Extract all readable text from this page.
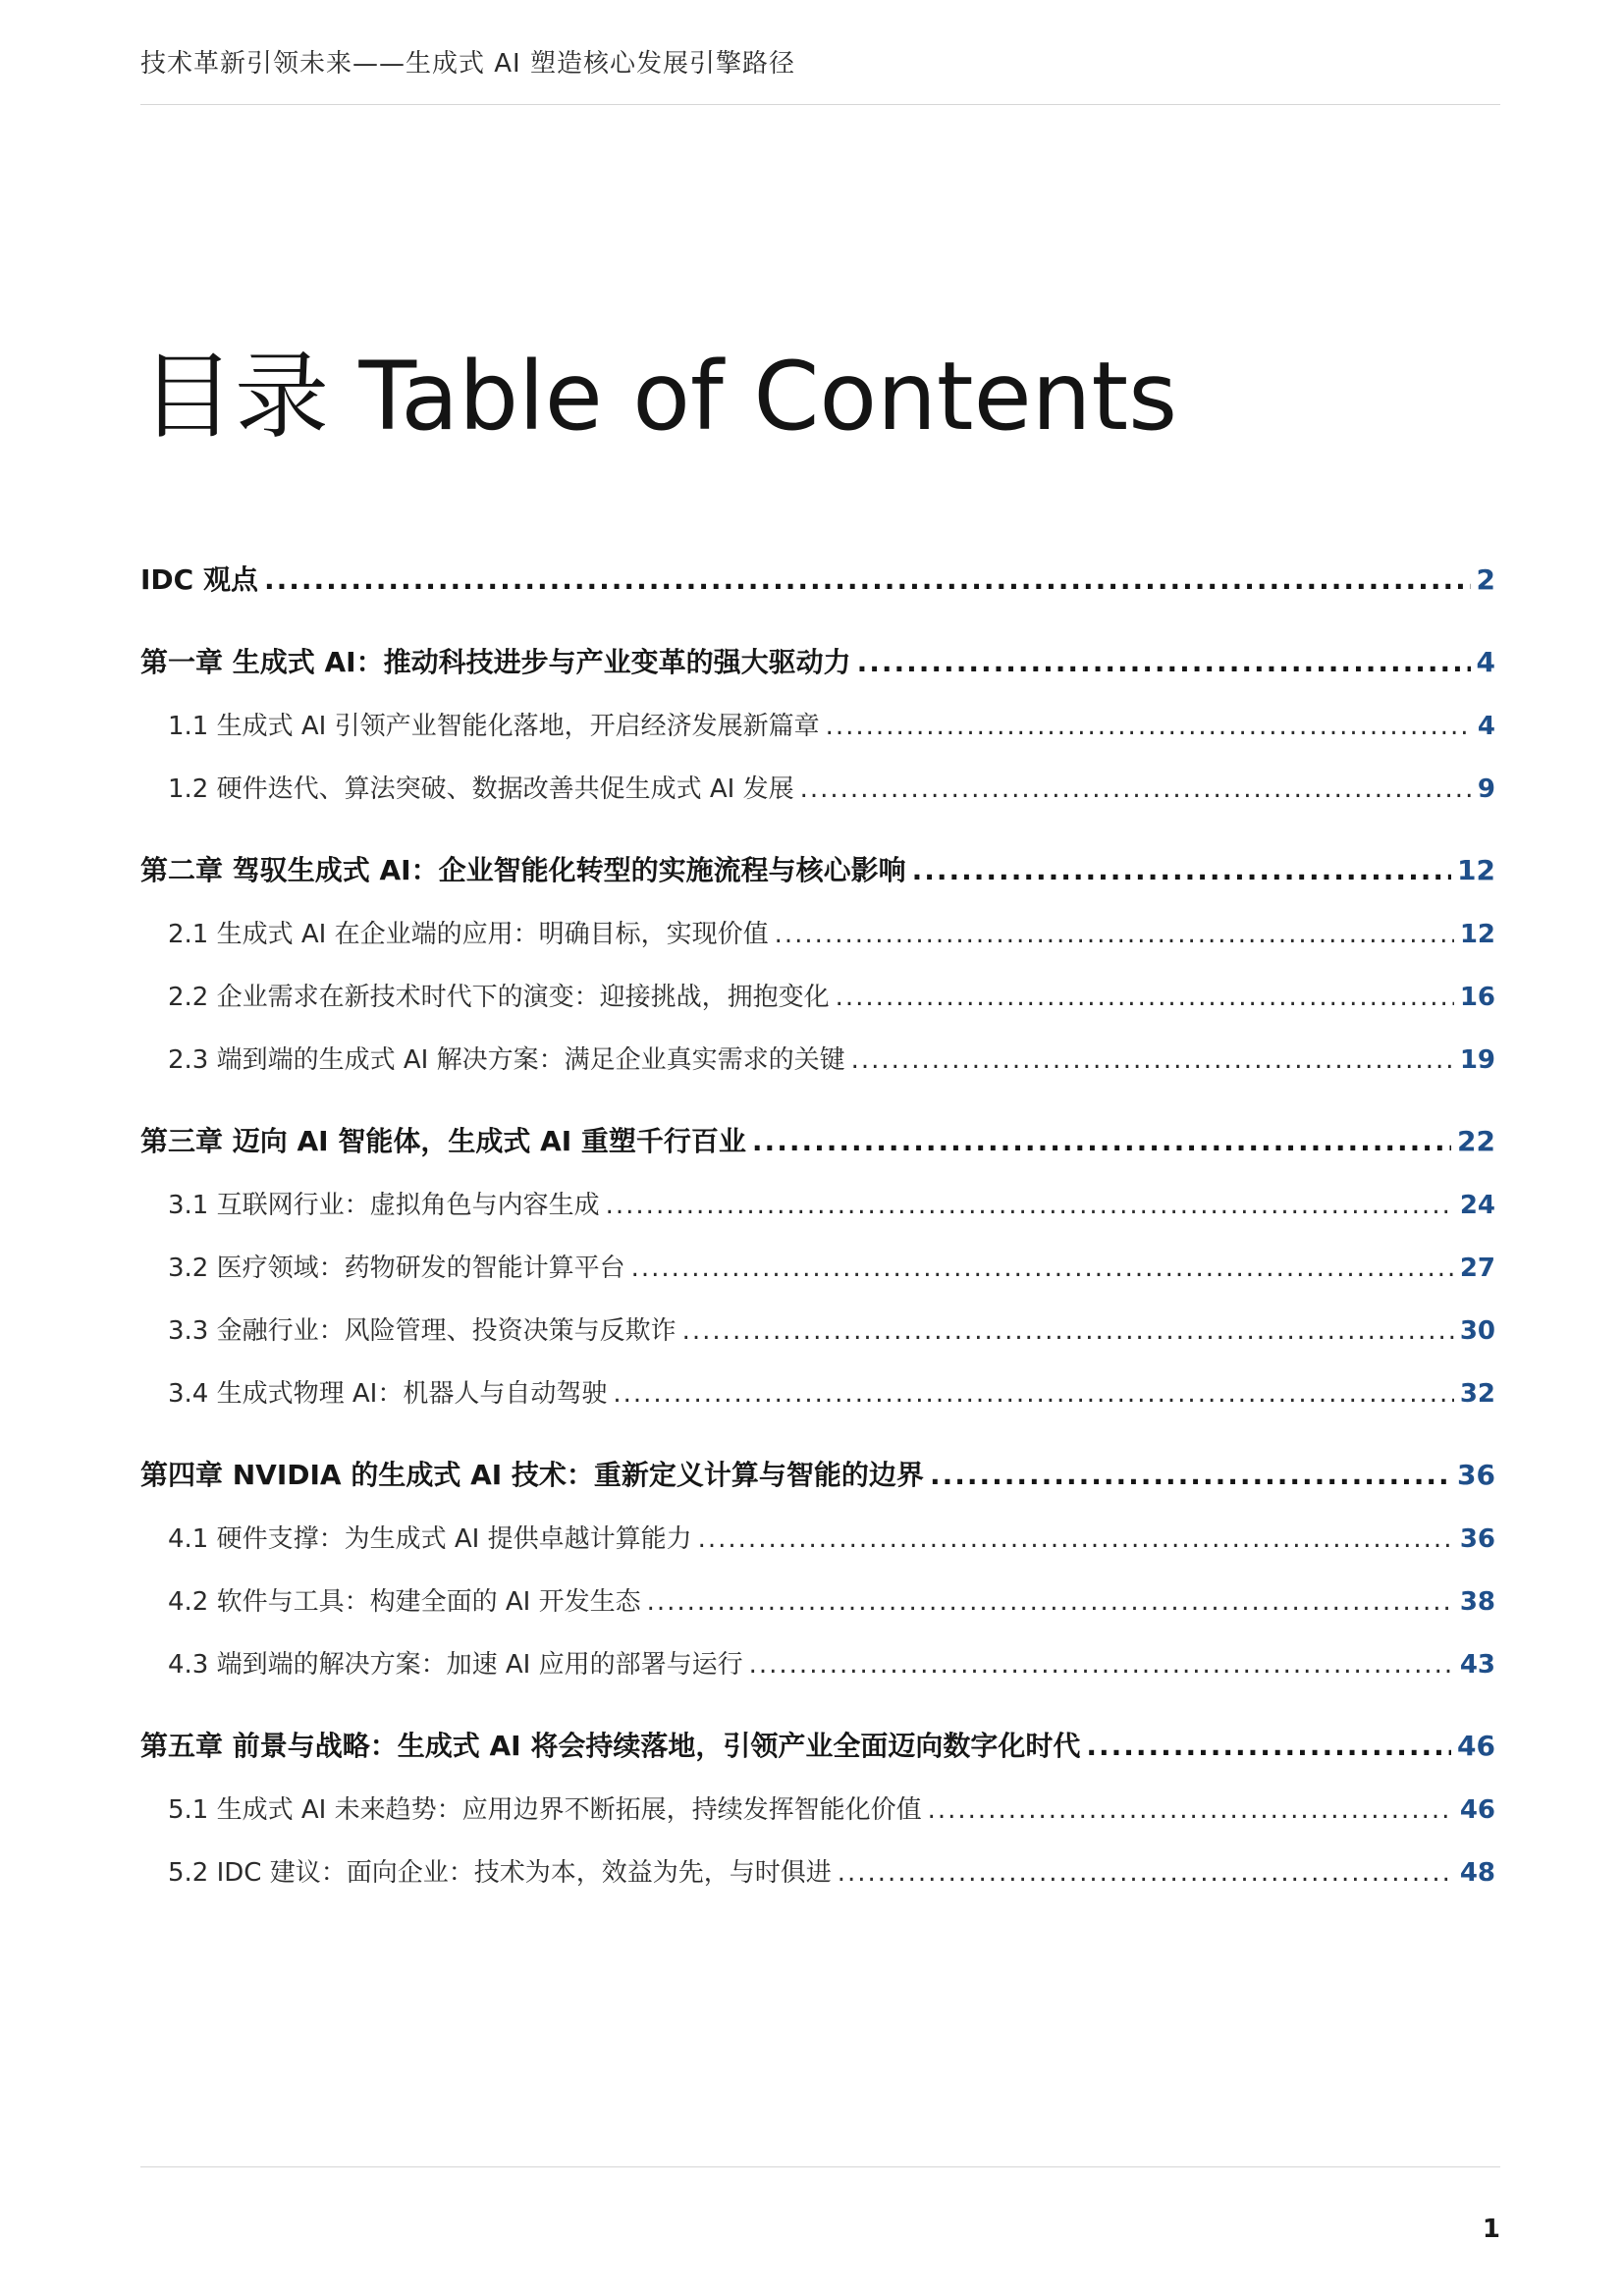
技术革新引领未来——生成式 AI 塑造核心发展引擎路径
目录 Table of Contents
IDC 观点 .....	2
第一章 生成式 AI：推动科技进步与产业变革的强大驱动力 .....	4
1.1 生成式 AI 引领产业智能化落地，开启经济发展新篇章 .....	4
1.2 硬件迭代、算法突破、数据改善共促生成式 AI 发展 .....	9
第二章 驾驭生成式 AI：企业智能化转型的实施流程与核心影响 .....	12
2.1 生成式 AI 在企业端的应用：明确目标，实现价值 .....	12
2.2 企业需求在新技术时代下的演变：迎接挑战，拥抱变化 .....	16
2.3 端到端的生成式 AI 解决方案：满足企业真实需求的关键 .....	19
第三章 迈向 AI 智能体，生成式 AI 重塑千行百业 .....	22
3.1 互联网行业：虚拟角色与内容生成 .....	24
3.2 医疗领域：药物研发的智能计算平台 .....	27
3.3 金融行业：风险管理、投资决策与反欺诈 .....	30
3.4 生成式物理 AI：机器人与自动驾驶 .....	32
第四章 NVIDIA 的生成式 AI 技术：重新定义计算与智能的边界 .....	36
4.1 硬件支撑：为生成式 AI 提供卓越计算能力 .....	36
4.2 软件与工具：构建全面的 AI 开发生态 .....	38
4.3 端到端的解决方案：加速 AI 应用的部署与运行 .....	43
第五章 前景与战略：生成式 AI 将会持续落地，引领产业全面迈向数字化时代 .....	46
5.1 生成式 AI 未来趋势：应用边界不断拓展，持续发挥智能化价值 .....	46
5.2 IDC 建议：面向企业：技术为本，效益为先，与时俱进 .....	48
1
